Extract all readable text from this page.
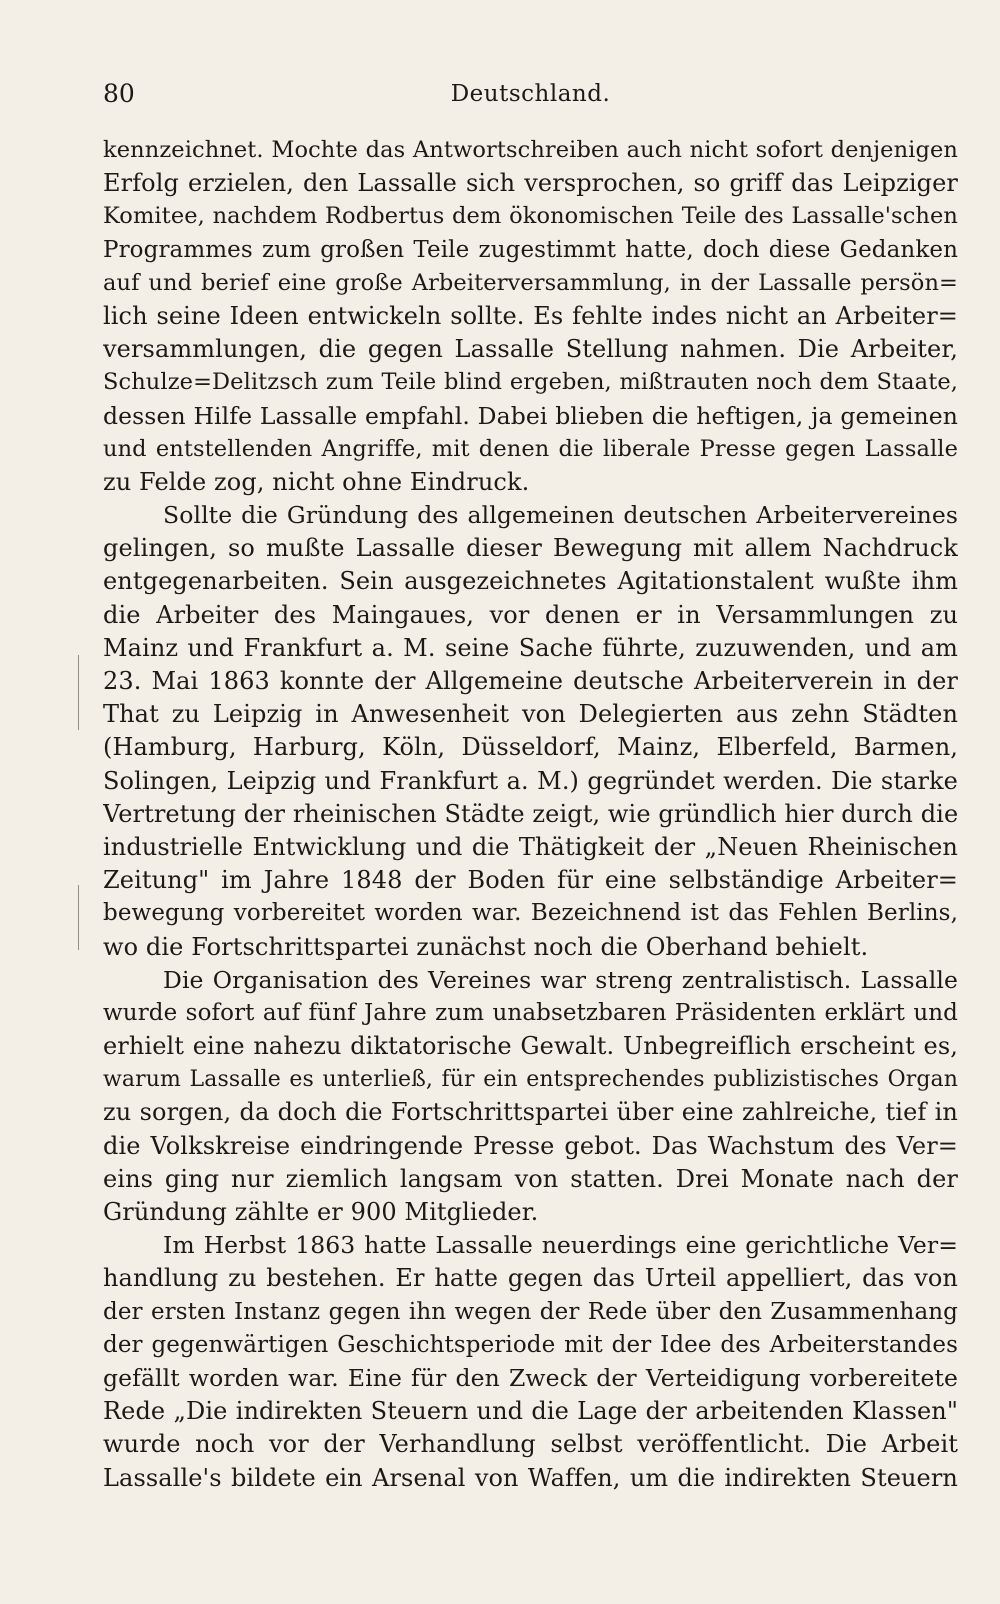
80	Deutschland.
kennzeichnet. Mochte das Antwortschreiben auch nicht sofort denjenigen
Erfolg erzielen, den Lassalle sich versprochen, so griff das Leipziger
Komitee, nachdem Rodbertus dem ökonomischen Teile des Lassalle'schen
Programmes zum großen Teile zugestimmt hatte, doch diese Gedanken
auf und berief eine große Arbeiterversammlung, in der Lassalle persön=
lich seine Ideen entwickeln sollte. Es fehlte indes nicht an Arbeiter=
versammlungen, die gegen Lassalle Stellung nahmen. Die Arbeiter,
Schulze=Delitzsch zum Teile blind ergeben, mißtrauten noch dem Staate,
dessen Hilfe Lassalle empfahl. Dabei blieben die heftigen, ja gemeinen
und entstellenden Angriffe, mit denen die liberale Presse gegen Lassalle
zu Felde zog, nicht ohne Eindruck.
Sollte die Gründung des allgemeinen deutschen Arbeitervereines
gelingen, so mußte Lassalle dieser Bewegung mit allem Nachdruck
entgegenarbeiten. Sein ausgezeichnetes Agitationstalent wußte ihm
die Arbeiter des Maingaues, vor denen er in Versammlungen zu
Mainz und Frankfurt a. M. seine Sache führte, zuzuwenden, und am
23. Mai 1863 konnte der Allgemeine deutsche Arbeiterverein in der
That zu Leipzig in Anwesenheit von Delegierten aus zehn Städten
(Hamburg, Harburg, Köln, Düsseldorf, Mainz, Elberfeld, Barmen,
Solingen, Leipzig und Frankfurt a. M.) gegründet werden. Die starke
Vertretung der rheinischen Städte zeigt, wie gründlich hier durch die
industrielle Entwicklung und die Thätigkeit der „Neuen Rheinischen
Zeitung" im Jahre 1848 der Boden für eine selbständige Arbeiter=
bewegung vorbereitet worden war. Bezeichnend ist das Fehlen Berlins,
wo die Fortschrittspartei zunächst noch die Oberhand behielt.
Die Organisation des Vereines war streng zentralistisch. Lassalle
wurde sofort auf fünf Jahre zum unabsetzbaren Präsidenten erklärt und
erhielt eine nahezu diktatorische Gewalt. Unbegreiflich erscheint es,
warum Lassalle es unterließ, für ein entsprechendes publizistisches Organ
zu sorgen, da doch die Fortschrittspartei über eine zahlreiche, tief in
die Volkskreise eindringende Presse gebot. Das Wachstum des Ver=
eins ging nur ziemlich langsam von statten. Drei Monate nach der
Gründung zählte er 900 Mitglieder.
Im Herbst 1863 hatte Lassalle neuerdings eine gerichtliche Ver=
handlung zu bestehen. Er hatte gegen das Urteil appelliert, das von
der ersten Instanz gegen ihn wegen der Rede über den Zusammenhang
der gegenwärtigen Geschichtsperiode mit der Idee des Arbeiterstandes
gefällt worden war. Eine für den Zweck der Verteidigung vorbereitete
Rede „Die indirekten Steuern und die Lage der arbeitenden Klassen"
wurde noch vor der Verhandlung selbst veröffentlicht. Die Arbeit
Lassalle's bildete ein Arsenal von Waffen, um die indirekten Steuern
